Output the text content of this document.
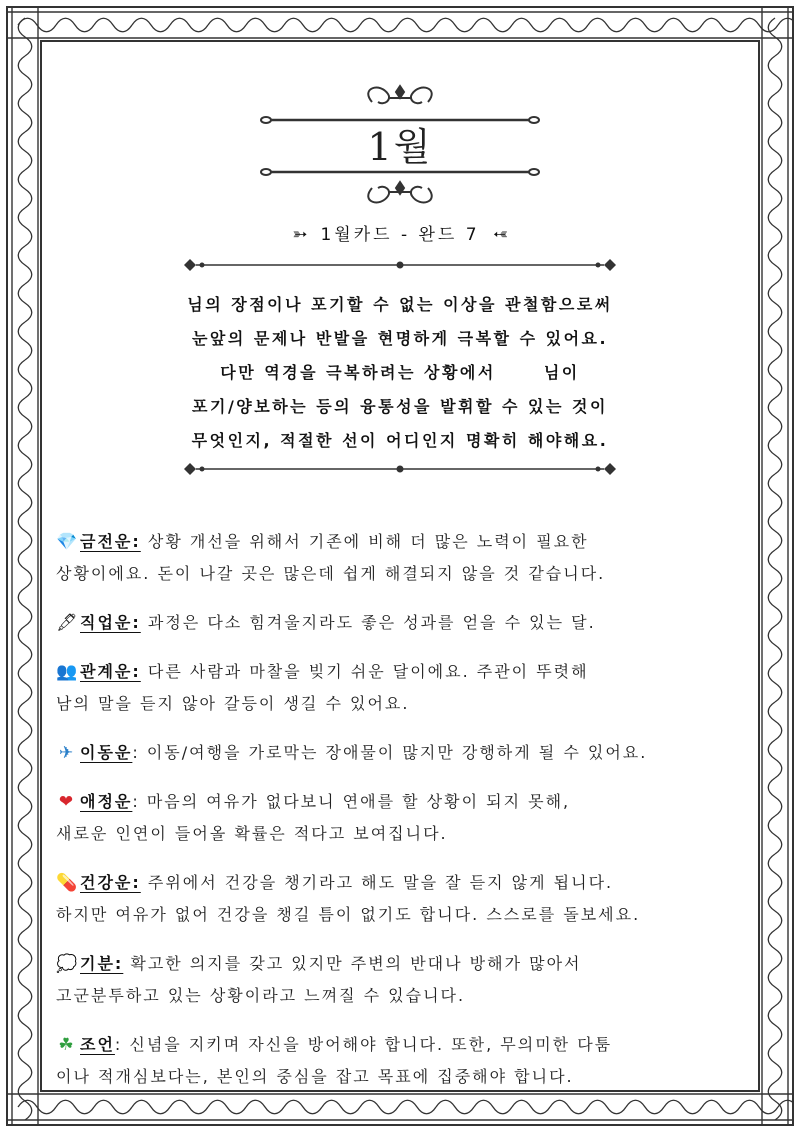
1월
➳ 1월카드 - 완드 7 ➳

님의 장점이나 포기할 수 없는 이상을 관철함으로써

눈앞의 문제나 반발을 현명하게 극복할 수 있어요.

다만 역경을 극복하려는 상황에서	님이

포기/양보하는 등의 융통성을 발휘할 수 있는 것이

무엇인지, 적절한 선이 어디인지 명확히 해야해요.

💎금전운: 상황 개선을 위해서 기존에 비해 더 많은 노력이 필요한
상황이에요. 돈이 나갈 곳은 많은데 쉽게 해결되지 않을 것 같습니다.
🖋직업운: 과정은 다소 힘겨울지라도 좋은 성과를 얻을 수 있는 달.
👥관계운: 다른 사람과 마찰을 빚기 쉬운 달이에요. 주관이 뚜렷해
남의 말을 듣지 않아 갈등이 생길 수 있어요.
✈ 이동운: 이동/여행을 가로막는 장애물이 많지만 강행하게 될 수 있어요.
❤ 애정운: 마음의 여유가 없다보니 연애를 할 상황이 되지 못해,
새로운 인연이 들어올 확률은 적다고 보여집니다.
💊건강운: 주위에서 건강을 챙기라고 해도 말을 잘 듣지 않게 됩니다.
하지만 여유가 없어 건강을 챙길 틈이 없기도 합니다. 스스로를 돌보세요.
💭기분: 확고한 의지를 갖고 있지만 주변의 반대나 방해가 많아서
고군분투하고 있는 상황이라고 느껴질 수 있습니다.
☘ 조언: 신념을 지키며 자신을 방어해야 합니다. 또한, 무의미한 다툼
이나 적개심보다는, 본인의 중심을 잡고 목표에 집중해야 합니다.
